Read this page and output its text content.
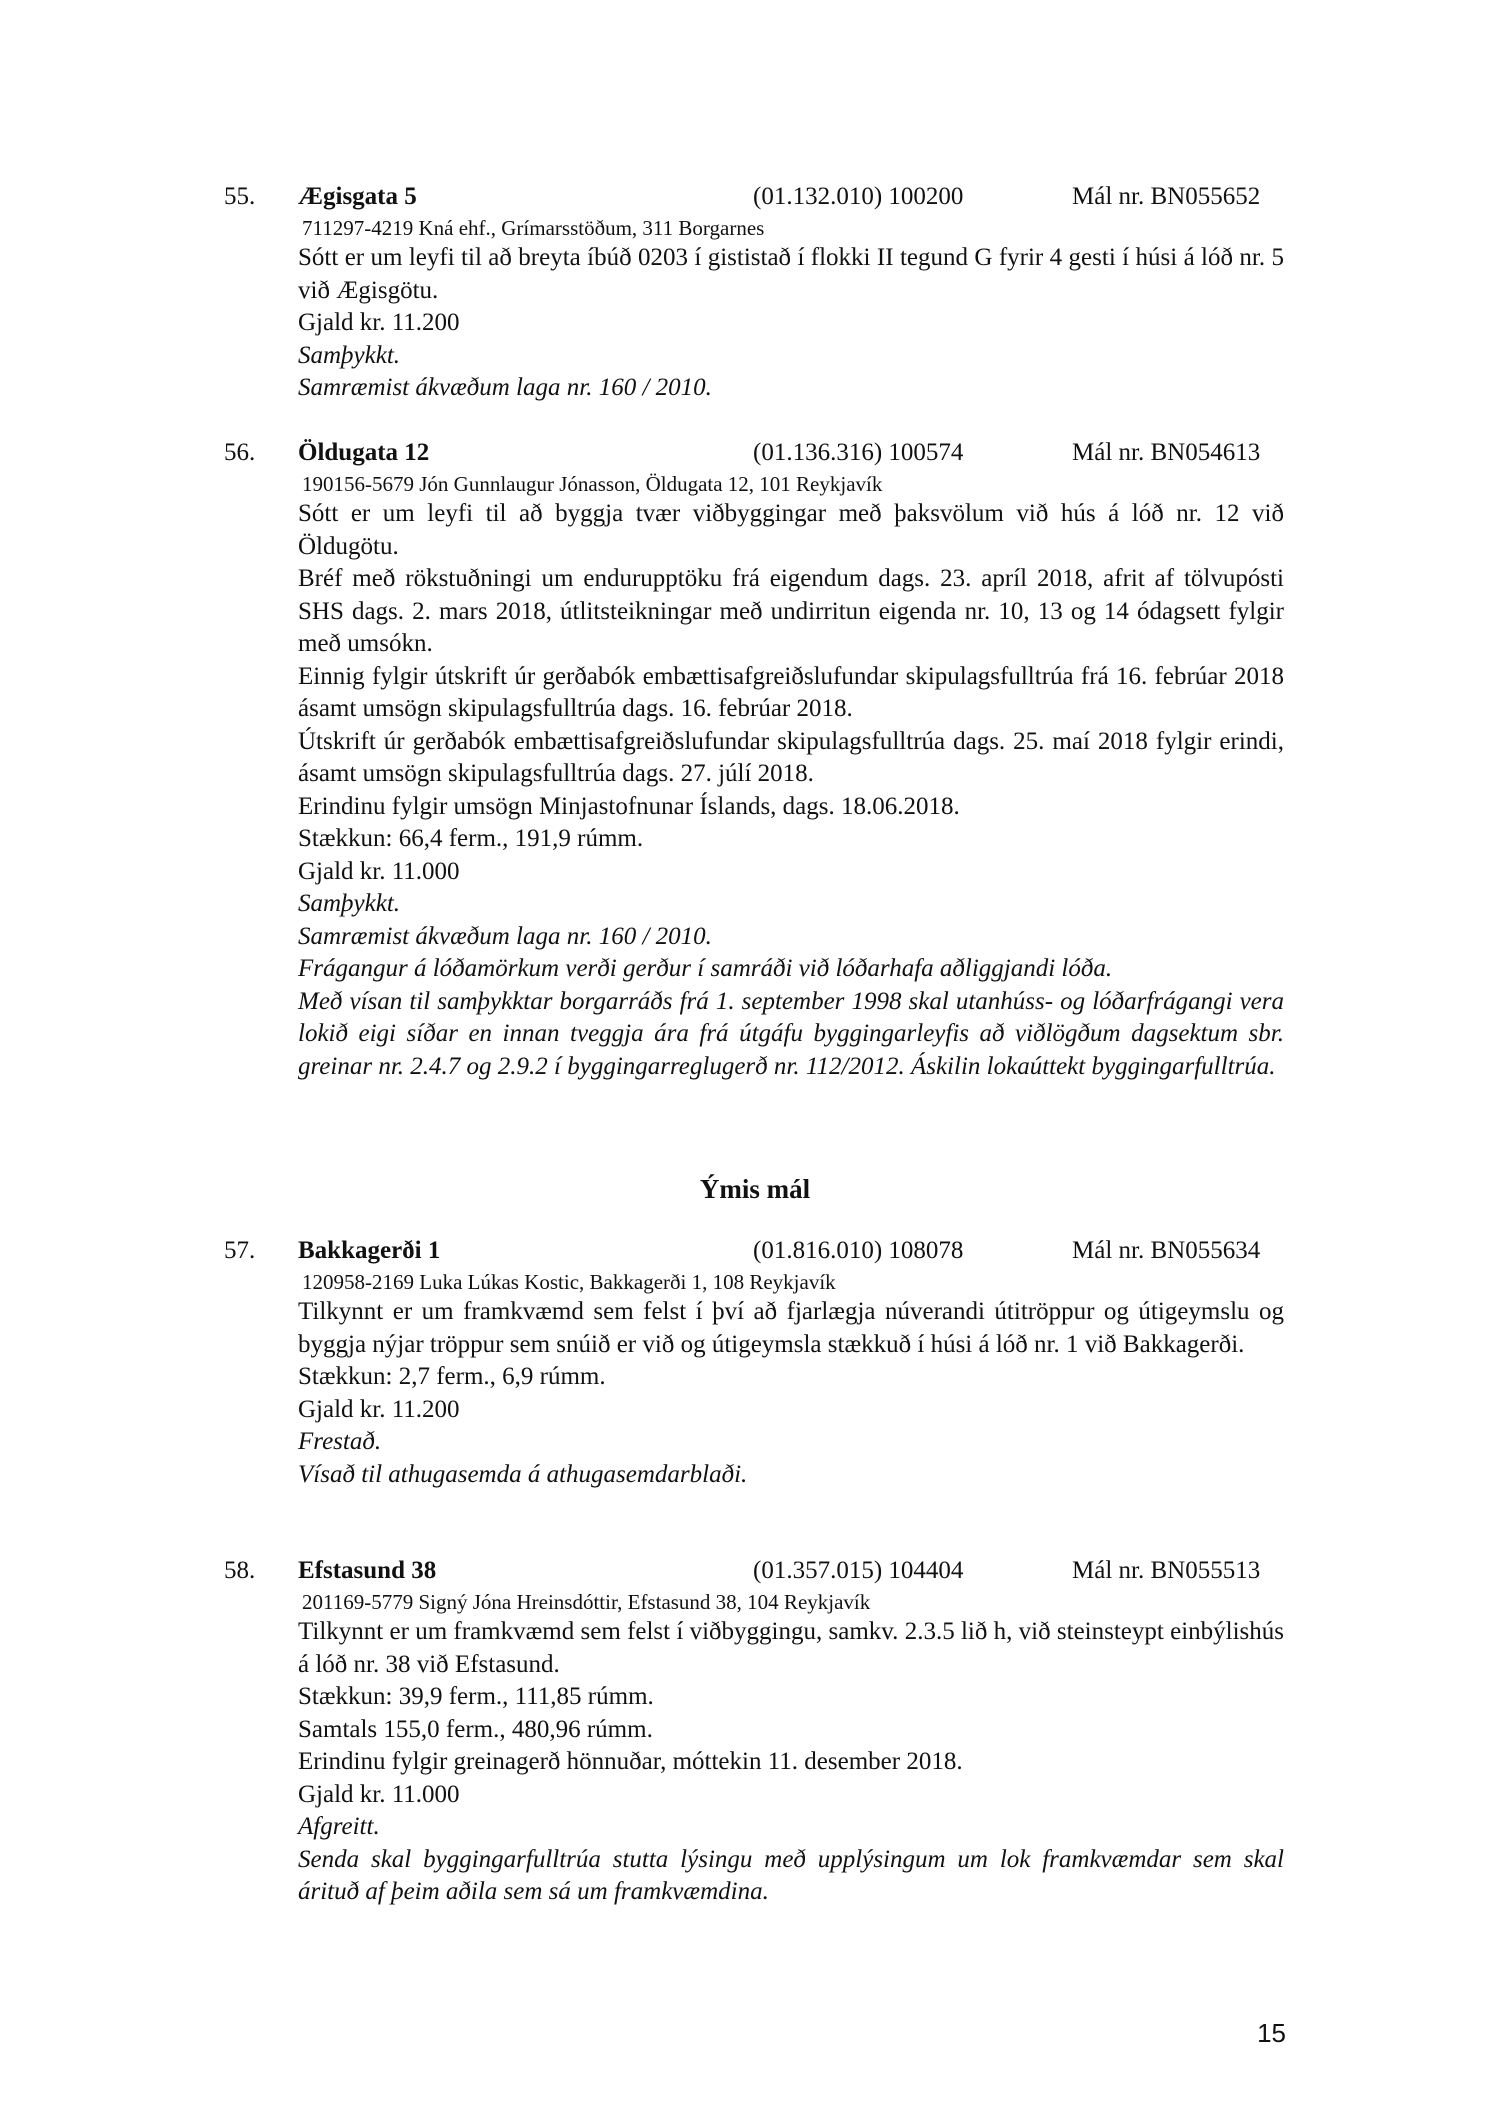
55. Ægisgata 5	(01.132.010) 100200	Mál nr. BN055652
711297-4219 Kná ehf., Grímarsstöðum, 311 Borgarnes

Sótt er um leyfi til að breyta íbúð 0203 í gististað í flokki II tegund G fyrir 4 gesti í húsi á lóð nr. 5 við Ægisgötu.

Gjald kr. 11.200

Samþykkt.

Samræmist ákvæðum laga nr. 160 / 2010.

56. Öldugata 12	(01.136.316) 100574	Mál nr. BN054613
190156-5679 Jón Gunnlaugur Jónasson, Öldugata 12, 101 Reykjavík

Sótt er um leyfi til að byggja tvær viðbyggingar með þaksvölum við hús á lóð nr. 12 við Öldugötu.

Bréf með rökstuðningi um endurupptöku frá eigendum dags. 23. apríl 2018, afrit af tölvupósti SHS dags. 2. mars 2018, útlitsteikningar með undirritun eigenda nr. 10, 13 og 14 ódagsett fylgir með umsókn.

Einnig fylgir útskrift úr gerðabók embættisafgreiðslufundar skipulagsfulltrúa frá 16. febrúar 2018 ásamt umsögn skipulagsfulltrúa dags. 16. febrúar 2018.

Útskrift úr gerðabók embættisafgreiðslufundar skipulagsfulltrúa dags. 25. maí 2018 fylgir erindi, ásamt umsögn skipulagsfulltrúa dags. 27. júlí 2018.

Erindinu fylgir umsögn Minjastofnunar Íslands, dags. 18.06.2018.

Stækkun: 66,4 ferm., 191,9 rúmm.

Gjald kr. 11.000

Samþykkt.

Samræmist ákvæðum laga nr. 160 / 2010.

Frágangur á lóðamörkum verði gerður í samráði við lóðarhafa aðliggjandi lóða.

Með vísan til samþykktar borgarráðs frá 1. september 1998 skal utanhúss- og lóðarfrágangi vera lokið eigi síðar en innan tveggja ára frá útgáfu byggingarleyfis að viðlögðum dagsektum sbr. greinar nr. 2.4.7 og 2.9.2 í byggingarreglugerð nr. 112/2012. Áskilin lokaúttekt byggingarfulltrúa.

Ýmis mál
57. Bakkagerði 1	(01.816.010) 108078	Mál nr. BN055634
120958-2169 Luka Lúkas Kostic, Bakkagerði 1, 108 Reykjavík

Tilkynnt er um framkvæmd sem felst í því að fjarlægja núverandi útitröppur og útigeymslu og byggja nýjar tröppur sem snúið er við og útigeymsla stækkuð í húsi á lóð nr. 1 við Bakkagerði.

Stækkun: 2,7 ferm., 6,9 rúmm.

Gjald kr. 11.200

Frestað.

Vísað til athugasemda á athugasemdarblaði.

58. Efstasund 38	(01.357.015) 104404	Mál nr. BN055513
201169-5779 Signý Jóna Hreinsdóttir, Efstasund 38, 104 Reykjavík

Tilkynnt er um framkvæmd sem felst í viðbyggingu, samkv. 2.3.5 lið h, við steinsteypt einbýlishús á lóð nr. 38 við Efstasund.

Stækkun: 39,9 ferm., 111,85 rúmm.

Samtals 155,0 ferm., 480,96 rúmm.

Erindinu fylgir greinagerð hönnuðar, móttekin 11. desember 2018.

Gjald kr. 11.000

Afgreitt.

Senda skal byggingarfulltrúa stutta lýsingu með upplýsingum um lok framkvæmdar sem skal árituð af þeim aðila sem sá um framkvæmdina.

15
